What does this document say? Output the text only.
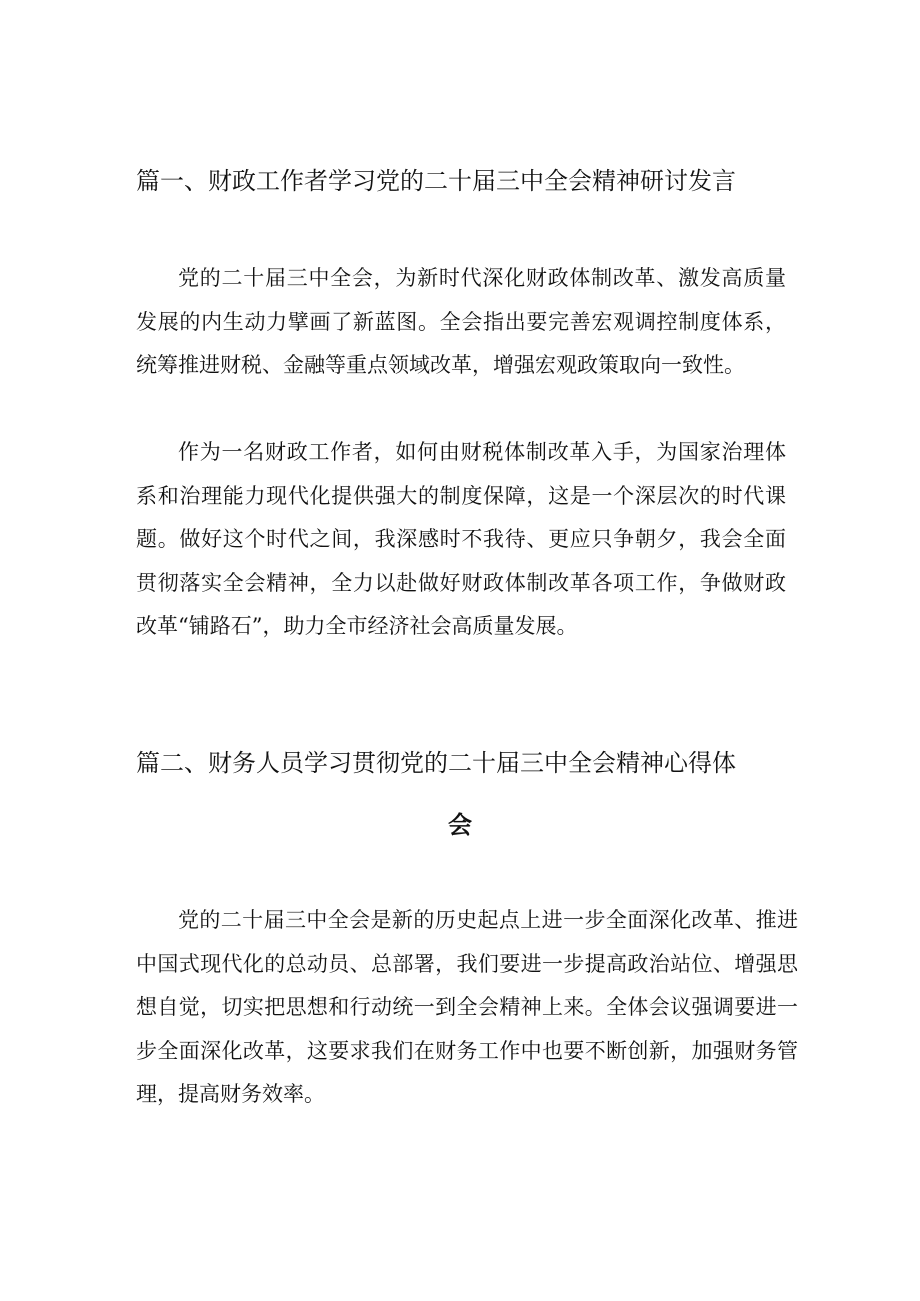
篇一、财政工作者学习党的二十届三中全会精神研讨发言

党的二十届三中全会，为新时代深化财政体制改革、激发高质量发展的内生动力擘画了新蓝图。全会指出要完善宏观调控制度体系，统筹推进财税、金融等重点领域改革，增强宏观政策取向一致性。

作为一名财政工作者，如何由财税体制改革入手，为国家治理体系和治理能力现代化提供强大的制度保障，这是一个深层次的时代课题。做好这个时代之间，我深感时不我待、更应只争朝夕，我会全面贯彻落实全会精神，全力以赴做好财政体制改革各项工作，争做财政改革“铺路石”，助力全市经济社会高质量发展。

篇二、财务人员学习贯彻党的二十届三中全会精神心得体
会

党的二十届三中全会是新的历史起点上进一步全面深化改革、推进中国式现代化的总动员、总部署，我们要进一步提高政治站位、增强思想自觉，切实把思想和行动统一到全会精神上来。全体会议强调要进一步全面深化改革，这要求我们在财务工作中也要不断创新，加强财务管理，提高财务效率。
